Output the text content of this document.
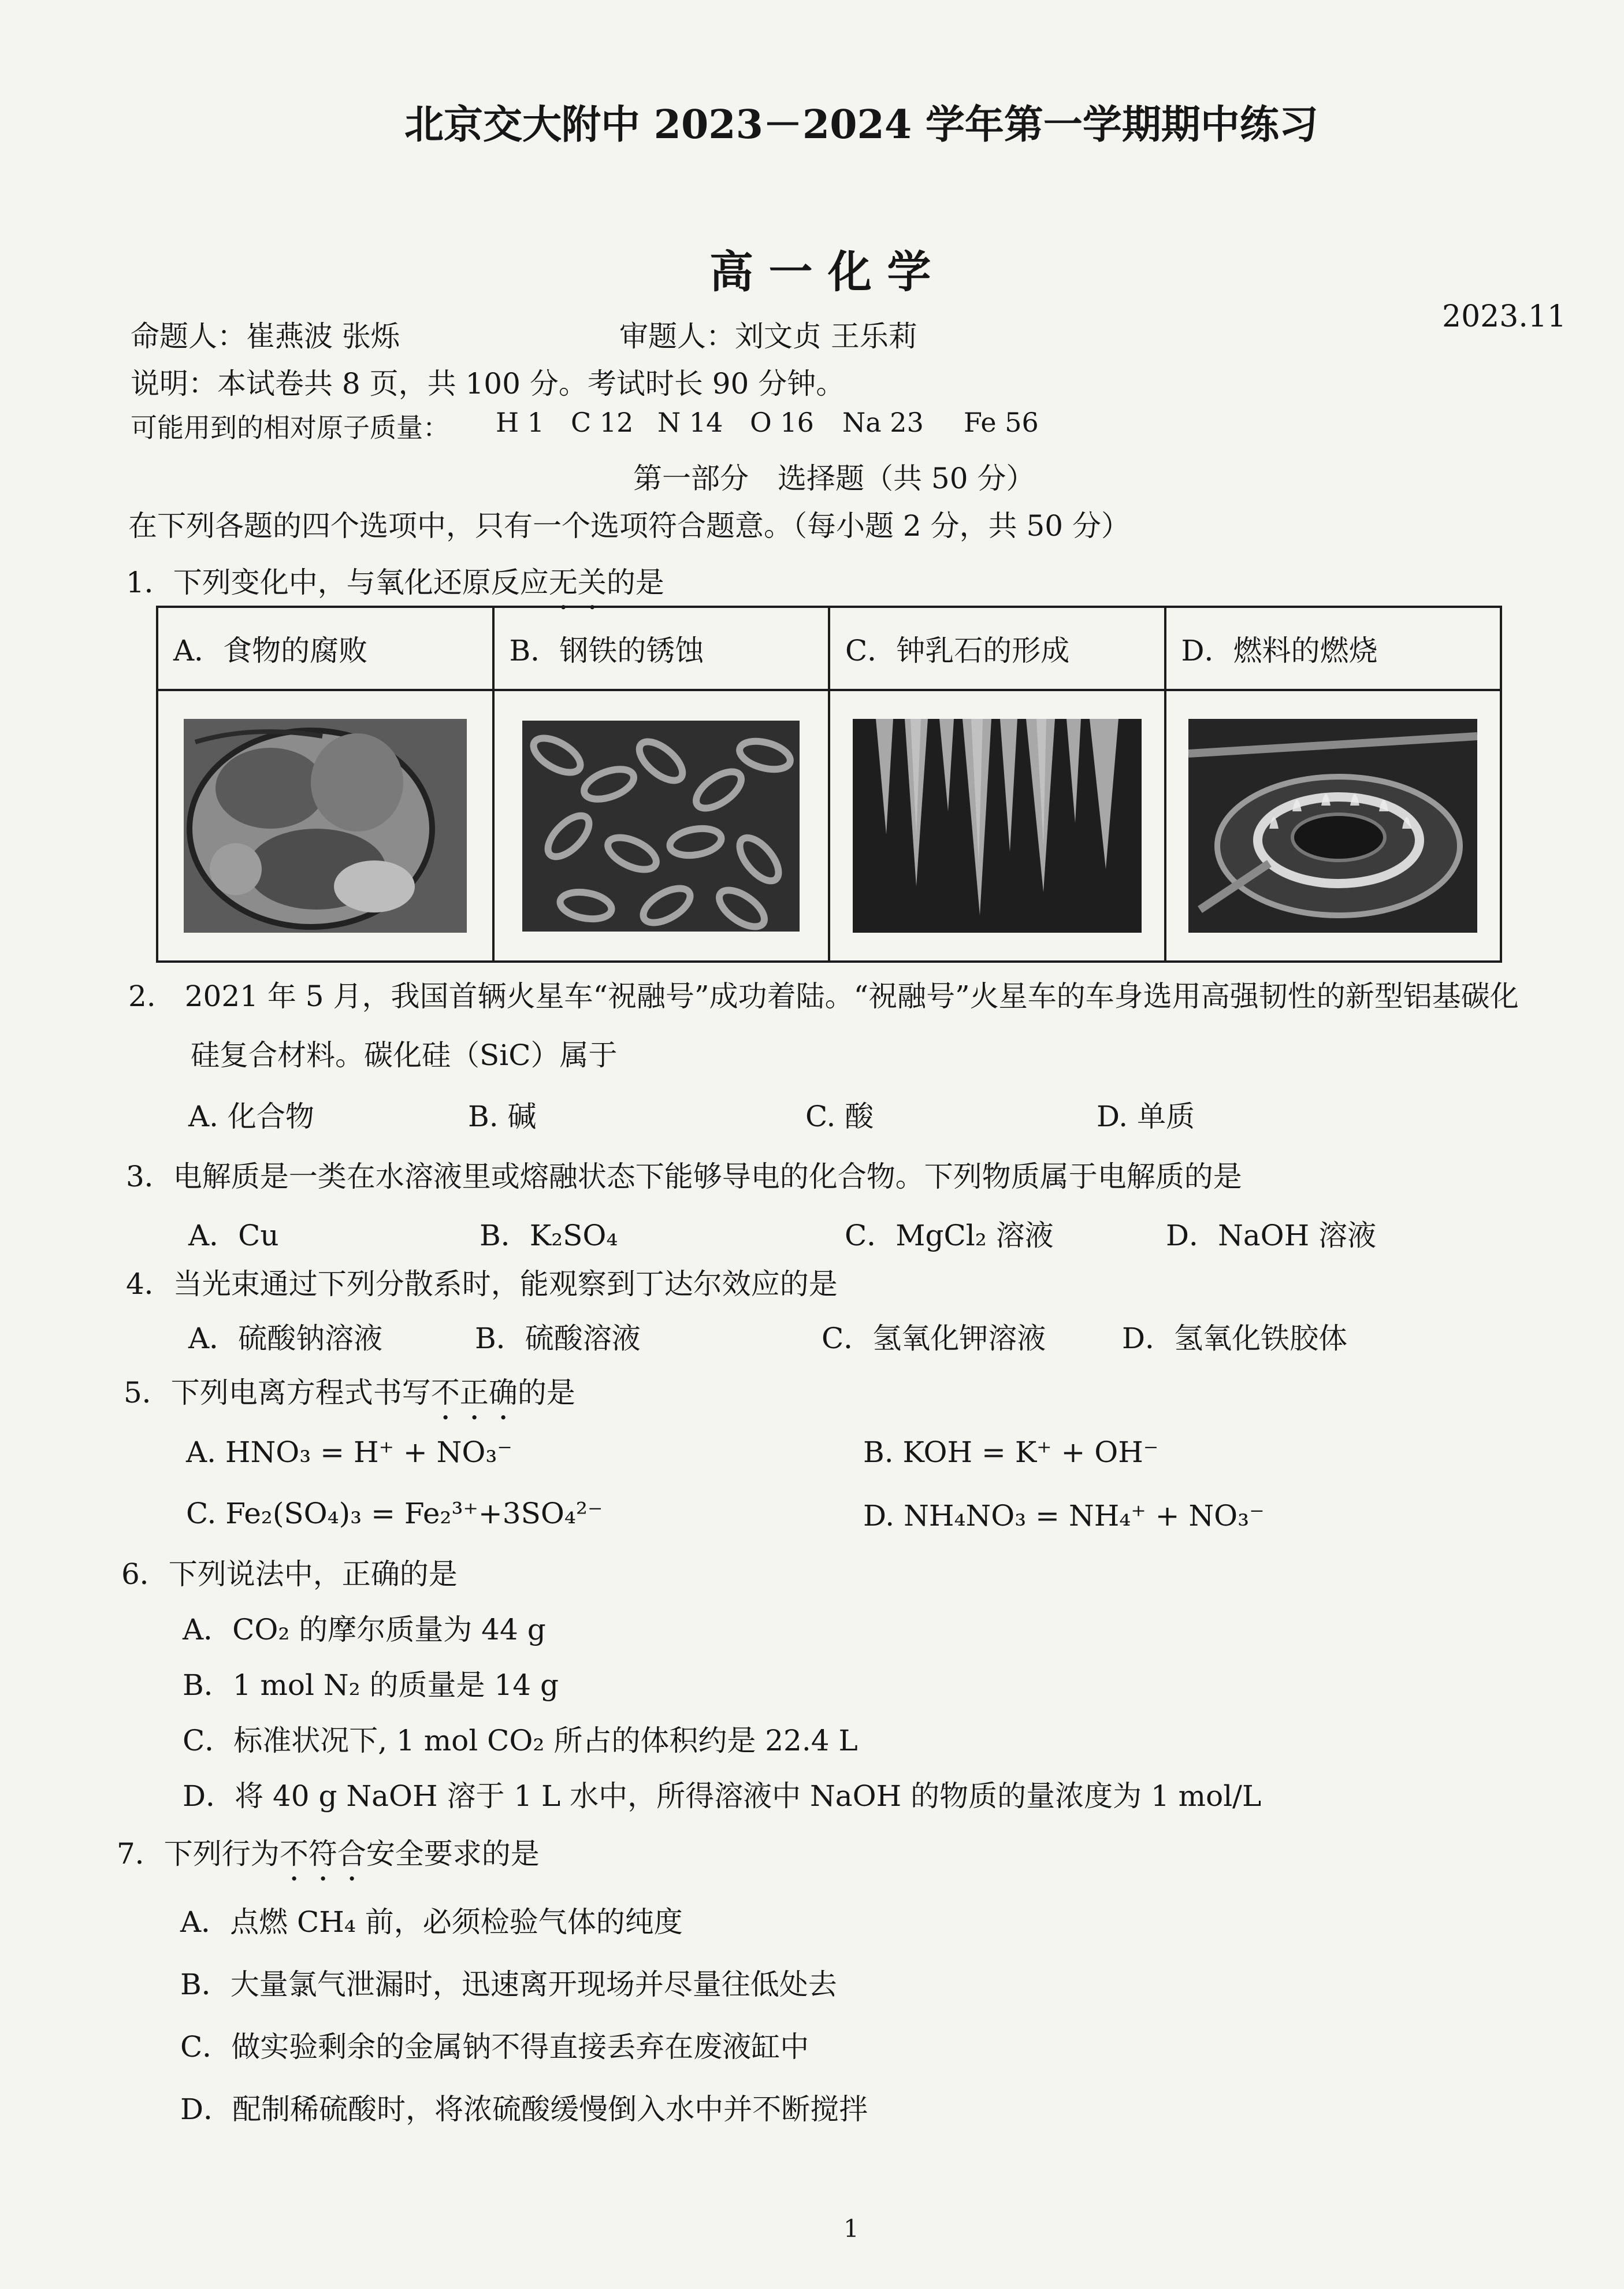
北京交大附中 2023－2024 学年第一学期期中练习
高 一 化 学
2023.11
命题人：崔燕波 张烁	审题人：刘文贞 王乐莉
说明：本试卷共 8 页，共 100 分。考试时长 90 分钟。
可能用到的相对原子质量： H 1 C 12 N 14 O 16 Na 23 Fe 56
第一部分　选择题（共 50 分）
在下列各题的四个选项中，只有一个选项符合题意。（每小题 2 分，共 50 分）
1．下列变化中，与氧化还原反应无关的是
A．食物的腐败	B．钢铁的锈蚀	C．钟乳石的形成	D．燃料的燃烧

2.　2021 年 5 月，我国首辆火星车“祝融号”成功着陆。“祝融号”火星车的车身选用高强韧性的新型铝基碳化
硅复合材料。碳化硅（SiC）属于
A. 化合物	B. 碱	C. 酸	D. 单质
3．电解质是一类在水溶液里或熔融状态下能够导电的化合物。下列物质属于电解质的是
A．Cu	B．K₂SO₄	C．MgCl₂ 溶液	D．NaOH 溶液
4．当光束通过下列分散系时，能观察到丁达尔效应的是
A．硫酸钠溶液	B．硫酸溶液	C．氢氧化钾溶液	D．氢氧化铁胶体
5．下列电离方程式书写不正确的是
A. HNO₃ = H⁺ + NO₃⁻	B. KOH = K⁺ + OH⁻
C. Fe₂(SO₄)₃ = Fe₂³⁺+3SO₄²⁻	D. NH₄NO₃ = NH₄⁺ + NO₃⁻
6．下列说法中，正确的是
A．CO₂ 的摩尔质量为 44 g
B．1 mol N₂ 的质量是 14 g
C．标准状况下, 1 mol CO₂ 所占的体积约是 22.4 L
D．将 40 g NaOH 溶于 1 L 水中，所得溶液中 NaOH 的物质的量浓度为 1 mol/L
7．下列行为不符合安全要求的是
A．点燃 CH₄ 前，必须检验气体的纯度
B．大量氯气泄漏时，迅速离开现场并尽量往低处去
C．做实验剩余的金属钠不得直接丢弃在废液缸中
D．配制稀硫酸时，将浓硫酸缓慢倒入水中并不断搅拌
1
